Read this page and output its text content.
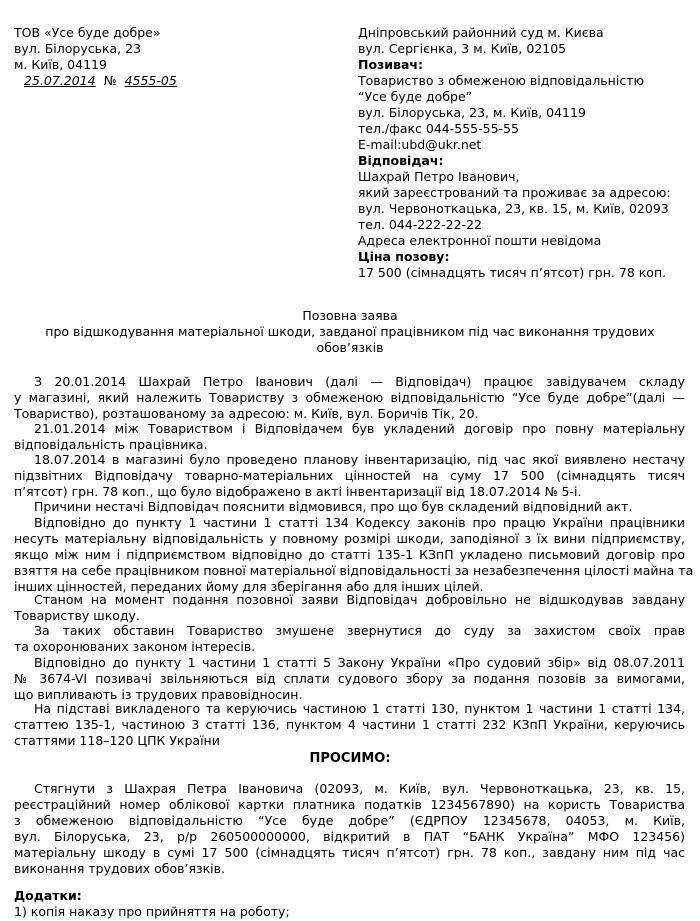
ТОВ «Усе буде добре»
вул. Білоруська, 23
м. Київ, 04119
25.07.2014 № 4555-05
Дніпровський районний суд м. Києва
вул. Сергієнка, 3 м. Київ, 02105
Позивач:
Товариство з обмеженою відповідальністю
“Усе буде добре”
вул. Білоруська, 23, м. Київ, 04119
тел./факс 044-555-55-55
E-mail:ubd@ukr.net
Відповідач:
Шахрай Петро Іванович,
який зареєстрований та проживає за адресою:
вул. Червоноткацька, 23, кв. 15, м. Київ, 02093
тел. 044-222-22-22
Адреса електронної пошти невідома
Ціна позову:
17 500 (сімнадцять тисяч п’ятсот) грн. 78 коп.
Позовна заява
про відшкодування матеріальної шкоди, завданої працівником під час виконання трудових
обов’язків
З 20.01.2014 Шахрай Петро Іванович (далі — Відповідач) працює завідувачем складу
у магазині, який належить Товариству з обмеженою відповідальністю “Усе буде добре”(далі —
Товариство), розташованому за адресою: м. Київ, вул. Боричів Тік, 20.
21.01.2014 між Товариством і Відповідачем був укладений договір про повну матеріальну
відповідальність працівника.
18.07.2014 в магазині було проведено планову інвентаризацію, під час якої виявлено нестачу
підзвітних Відповідачу товарно-матеріальних цінностей на суму 17 500 (сімнадцять тисяч
п’ятсот) грн. 78 коп., що було відображено в акті інвентаризації від 18.07.2014 № 5-і.
Причини нестачі Відповідач пояснити відмовився, про що був складений відповідний акт.
Відповідно до пункту 1 частини 1 статті 134 Кодексу законів про працю України працівники
несуть матеріальну відповідальність у повному розмірі шкоди, заподіяної з їх вини підприємству,
якщо між ним і підприємством відповідно до статті 135-1 КЗпП укладено письмовий договір про
взяття на себе працівником повної матеріальної відповідальності за незабезпечення цілості майна та
інших цінностей, переданих йому для зберігання або для інших цілей.
Станом на момент подання позовної заяви Відповідач добровільно не відшкодував завдану
Товариству шкоду.
За таких обставин Товариство змушене звернутися до суду за захистом своїх прав
та охоронюваних законом інтересів.
Відповідно до пункту 1 частини 1 статті 5 Закону України «Про судовий збір» від 08.07.2011
№ 3674-VI позивачі звільняються від сплати судового збору за подання позовів за вимогами,
що випливають із трудових правовідносин.
На підставі викладеного та керуючись частиною 1 статті 130, пунктом 1 частини 1 статті 134,
статтею 135-1, частиною 3 статті 136, пунктом 4 частини 1 статті 232 КЗпП України, керуючись
статтями 118–120 ЦПК України
ПРОСИМО:
Стягнути з Шахрая Петра Івановича (02093, м. Київ, вул. Червоноткацька, 23, кв. 15,
реєстраційний номер облікової картки платника податків 1234567890) на користь Товариства
з обмеженою відповідальністю “Усе буде добре” (ЄДРПОУ 12345678, 04053, м. Київ,
вул. Білоруська, 23, р/р 260500000000, відкритий в ПАТ “БАНК Україна” МФО 123456)
матеріальну шкоду в сумі 17 500 (сімнадцять тисяч п’ятсот) грн. 78 коп., завдану ним під час
виконання трудових обов’язків.
Додатки:
1) копія наказу про прийняття на роботу;
